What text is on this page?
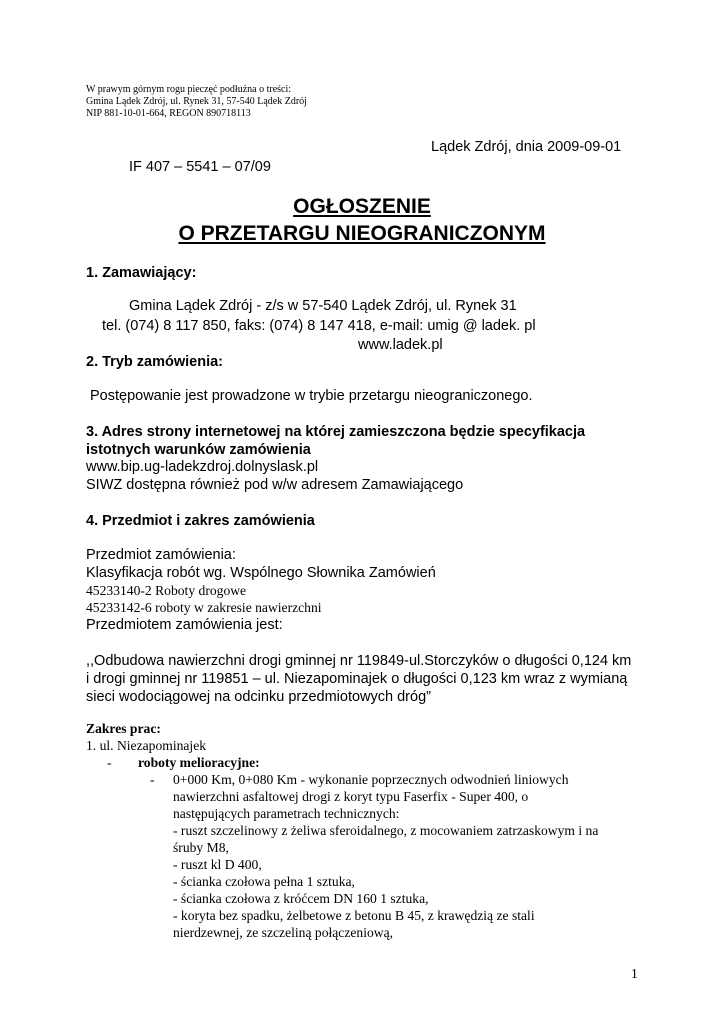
W prawym górnym rogu pieczęć podłużna o treści:
Gmina Lądek Zdrój, ul. Rynek 31, 57-540 Lądek Zdrój
NIP 881-10-01-664, REGON 890718113
Lądek Zdrój, dnia 2009-09-01
IF 407 – 5541 – 07/09
OGŁOSZENIE
O PRZETARGU NIEOGRANICZONYM
1. Zamawiający:
Gmina Lądek Zdrój - z/s w 57-540 Lądek Zdrój, ul. Rynek 31
tel. (074) 8 117 850, faks: (074) 8 147 418, e-mail: umig @ ladek. pl
www.ladek.pl
2. Tryb zamówienia:
Postępowanie jest prowadzone w trybie przetargu nieograniczonego.
3. Adres strony internetowej na której zamieszczona będzie specyfikacja
istotnych warunków zamówienia
www.bip.ug-ladekzdroj.dolnyslask.pl
SIWZ dostępna również pod w/w adresem Zamawiającego
4. Przedmiot i zakres zamówienia
Przedmiot zamówienia:
Klasyfikacja robót wg. Wspólnego Słownika Zamówień
45233140-2 Roboty drogowe
45233142-6 roboty w zakresie nawierzchni
Przedmiotem zamówienia jest:
,,Odbudowa nawierzchni drogi gminnej nr 119849-ul.Storczyków o długości 0,124 km
i drogi gminnej nr 119851 – ul. Niezapominajek o długości 0,123 km wraz z wymianą
sieci wodociągowej na odcinku przedmiotowych dróg”
Zakres prac:
1. ul. Niezapominajek
- roboty melioracyjne:
- 0+000 Km, 0+080 Km - wykonanie poprzecznych odwodnień liniowych
nawierzchni asfaltowej drogi z koryt typu Faserfix - Super 400, o
następujących parametrach technicznych:
- ruszt szczelinowy z żeliwa sferoidalnego, z mocowaniem zatrzaskowym i na
śruby M8,
- ruszt kl D 400,
- ścianka czołowa pełna 1 sztuka,
- ścianka czołowa z króćcem DN 160 1 sztuka,
- koryta bez spadku, żelbetowe z betonu B 45, z krawędzią ze stali
nierdzewnej, ze szczeliną połączeniową,
1
